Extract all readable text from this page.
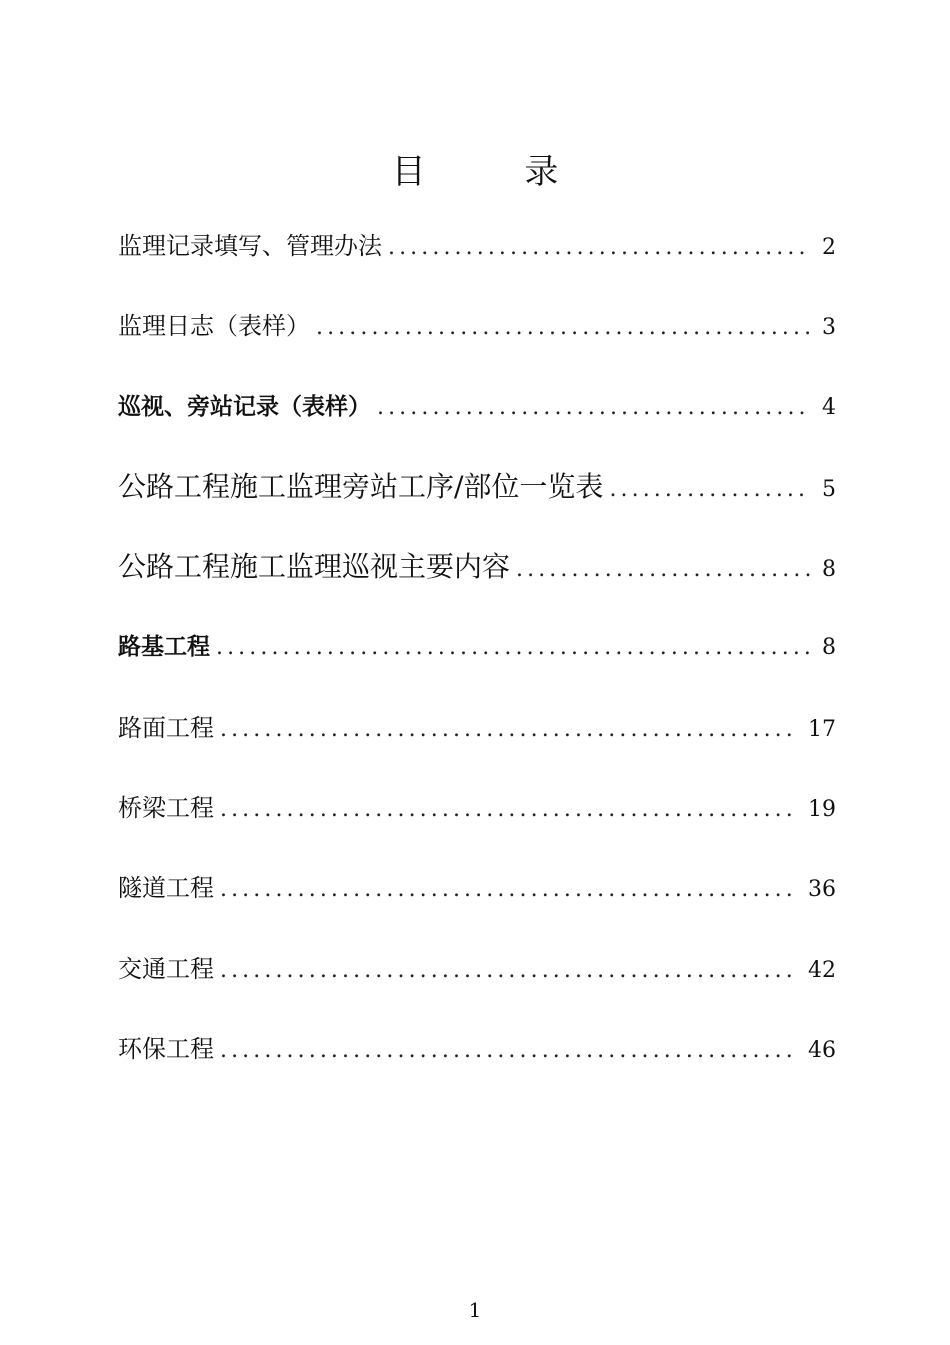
目 录
监理记录填写、管理办法 .....	2
监理日志（表样） .....	3
巡视、旁站记录（表样） .....	4
公路工程施工监理旁站工序/部位一览表 .....	5
公路工程施工监理巡视主要内容 .....	8
路基工程 .....	8
路面工程 .....	17
桥梁工程 .....	19
隧道工程 .....	36
交通工程 .....	42
环保工程 .....	46
1
